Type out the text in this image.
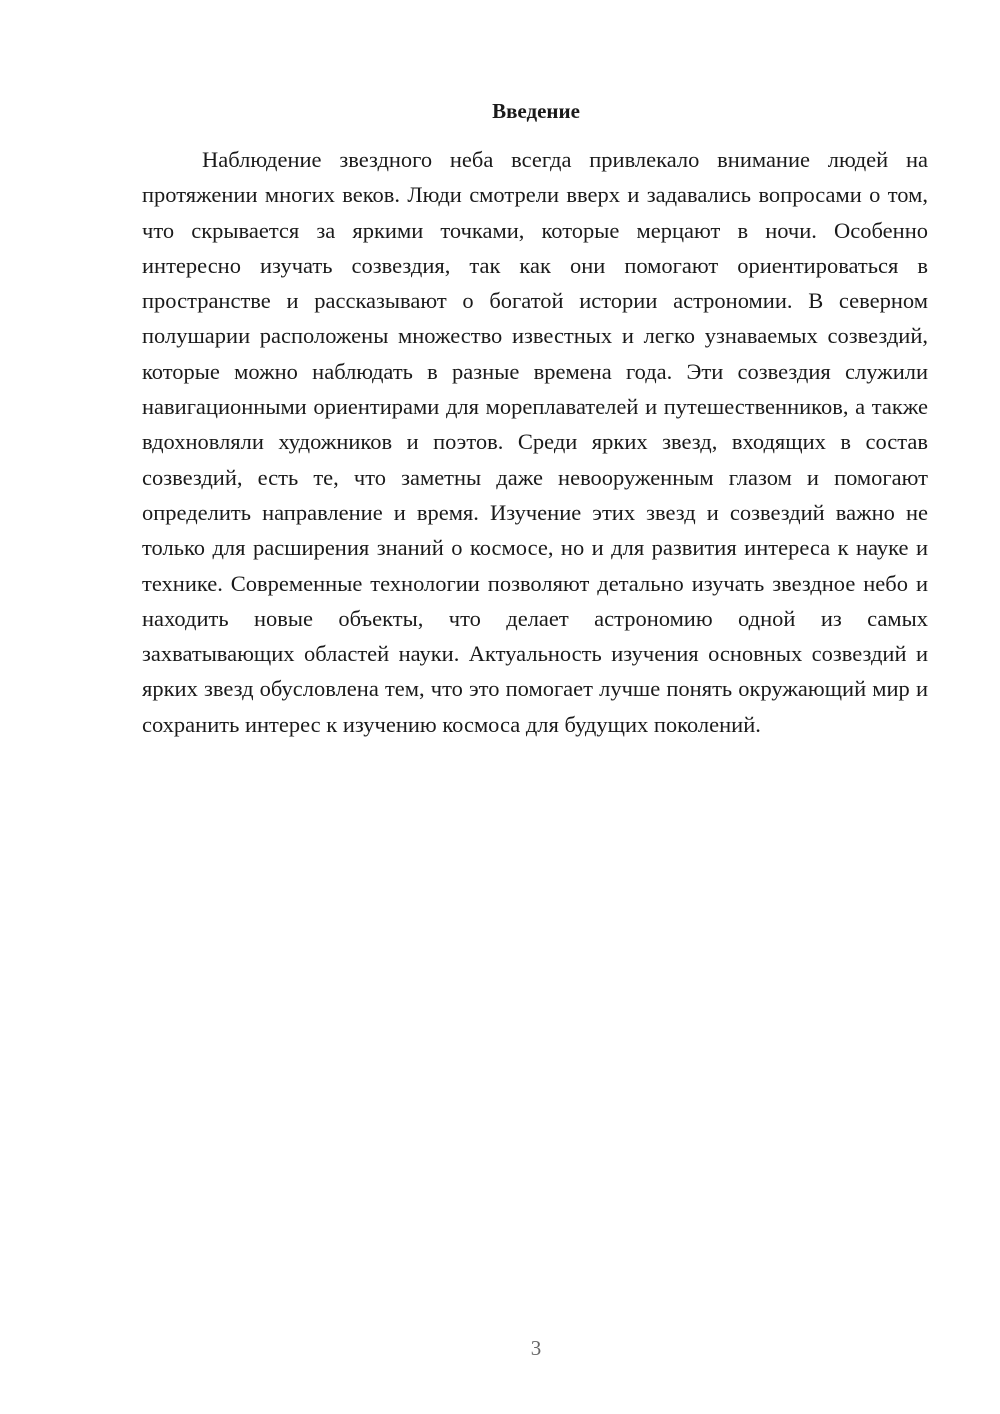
Введение

Наблюдение звездного неба всегда привлекало внимание людей на протяжении многих веков. Люди смотрели вверх и задавались вопросами о том, что скрывается за яркими точками, которые мерцают в ночи. Особенно интересно изучать созвездия, так как они помогают ориентироваться в пространстве и рассказывают о богатой истории астрономии. В северном полушарии расположены множество известных и легко узнаваемых созвездий, которые можно наблюдать в разные времена года. Эти созвездия служили навигационными ориентирами для мореплавателей и путешественников, а также вдохновляли художников и поэтов. Среди ярких звезд, входящих в состав созвездий, есть те, что заметны даже невооруженным глазом и помогают определить направление и время. Изучение этих звезд и созвездий важно не только для расширения знаний о космосе, но и для развития интереса к науке и технике. Современные технологии позволяют детально изучать звездное небо и находить новые объекты, что делает астрономию одной из самых захватывающих областей науки. Актуальность изучения основных созвездий и ярких звезд обусловлена тем, что это помогает лучше понять окружающий мир и сохранить интерес к изучению космоса для будущих поколений.

3
